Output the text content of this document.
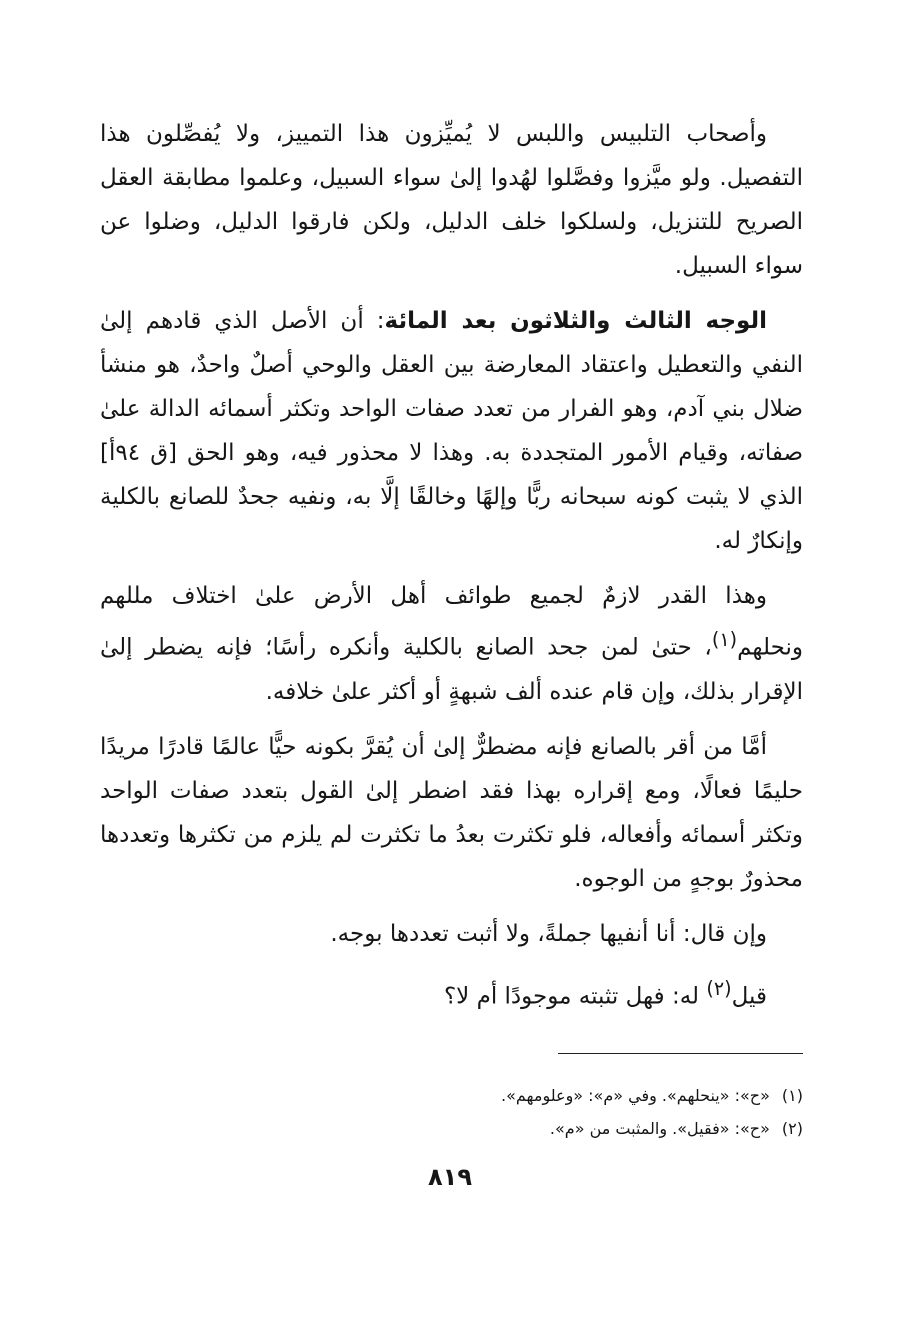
وأصحاب التلبيس واللبس لا يُميِّزون هذا التمييز، ولا يُفصِّلون هذا التفصيل. ولو ميَّزوا وفصَّلوا لهُدوا إلىٰ سواء السبيل، وعلموا مطابقة العقل الصريح للتنزيل، ولسلكوا خلف الدليل، ولكن فارقوا الدليل، وضلوا عن سواء السبيل.

الوجه الثالث والثلاثون بعد المائة: أن الأصل الذي قادهم إلىٰ النفي والتعطيل واعتقاد المعارضة بين العقل والوحي أصلٌ واحدٌ، هو منشأ ضلال بني آدم، وهو الفرار من تعدد صفات الواحد وتكثر أسمائه الدالة علىٰ صفاته، وقيام الأمور المتجددة به. وهذا لا محذور فيه، وهو الحق [ق ٩٤أ] الذي لا يثبت كونه سبحانه ربًّا وإلهًا وخالقًا إلَّا به، ونفيه جحدٌ للصانع بالكلية وإنكارٌ له.

وهذا القدر لازمٌ لجميع طوائف أهل الأرض علىٰ اختلاف مللهم ونحلهم$^{(١)}$، حتىٰ لمن جحد الصانع بالكلية وأنكره رأسًا؛ فإنه يضطر إلىٰ الإقرار بذلك، وإن قام عنده ألف شبهةٍ أو أكثر علىٰ خلافه.

أمَّا من أقر بالصانع فإنه مضطرٌّ إلىٰ أن يُقرَّ بكونه حيًّا عالمًا قادرًا مريدًا حليمًا فعالًا، ومع إقراره بهذا فقد اضطر إلىٰ القول بتعدد صفات الواحد وتكثر أسمائه وأفعاله، فلو تكثرت بعدُ ما تكثرت لم يلزم من تكثرها وتعددها محذورٌ بوجهٍ من الوجوه.

وإن قال: أنا أنفيها جملةً، ولا أثبت تعددها بوجه.

قيل$^{(٢)}$ له: فهل تثبته موجودًا أم لا؟

(١)«ح»: «ينحلهم». وفي «م»: «وعلومهم».

(٢)«ح»: «فقيل». والمثبت من «م».

٨١٩
